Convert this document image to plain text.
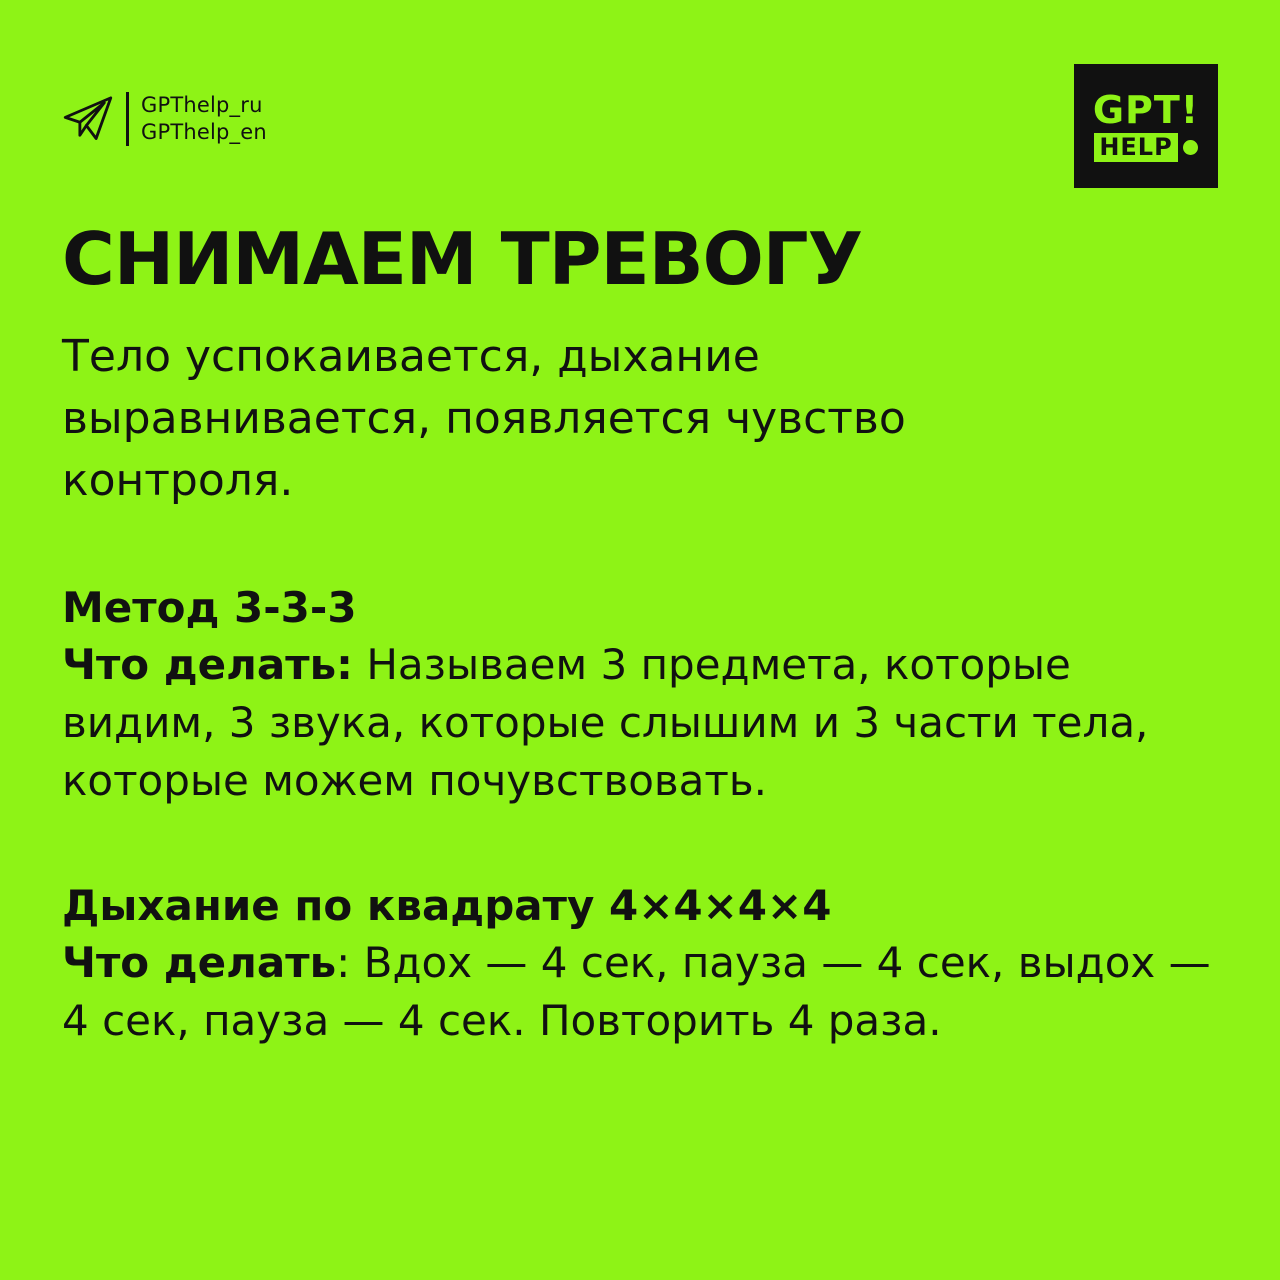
GPThelp_ru
GPThelp_en
GPT!
HELP
СНИМАЕМ ТРЕВОГУ

Тело успокаивается, дыхание выравнивается, появляется чувство контроля.

Метод 3-3-3

Что делать: Называем 3 предмета, которые видим, 3 звука, которые слышим и 3 части тела, которые можем почувствовать.

Дыхание по квадрату 4×4×4×4

Что делать: Вдох — 4 сек, пауза — 4 сек, выдох — 4 сек, пауза — 4 сек. Повторить 4 раза.
